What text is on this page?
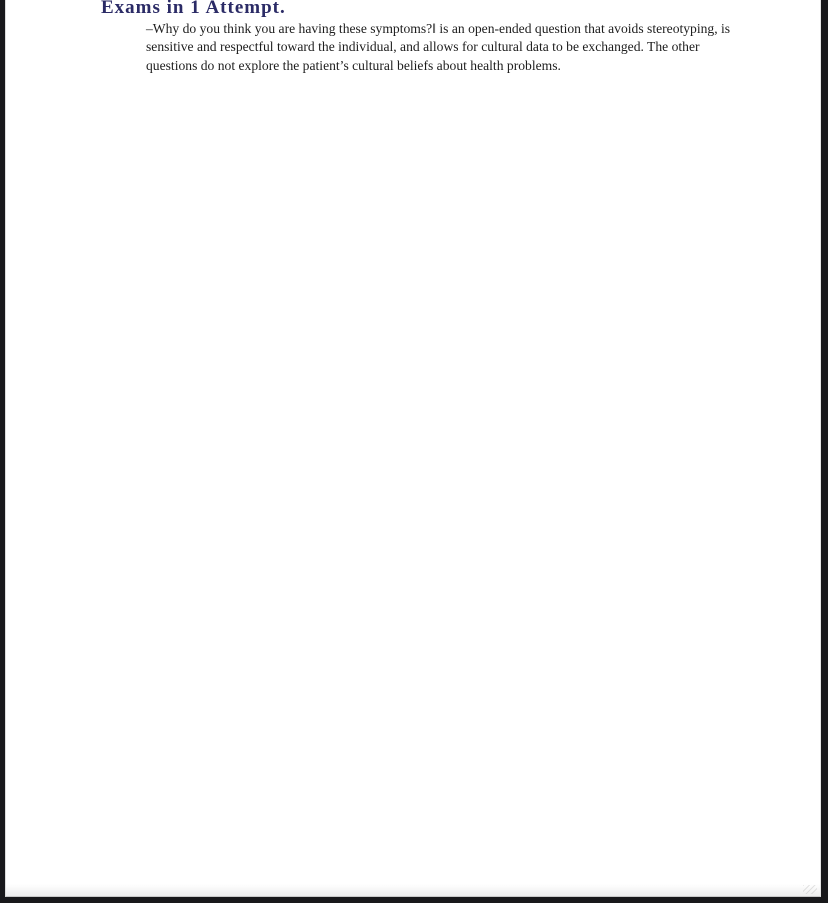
Exams in 1 Attempt.

–Why do you think you are having these symptoms?‖ is an open-ended question that avoids stereotyping, is sensitive and respectful toward the individual, and allows for cultural data to be exchanged. The other questions do not explore the patient’s cultural beliefs about health problems.
